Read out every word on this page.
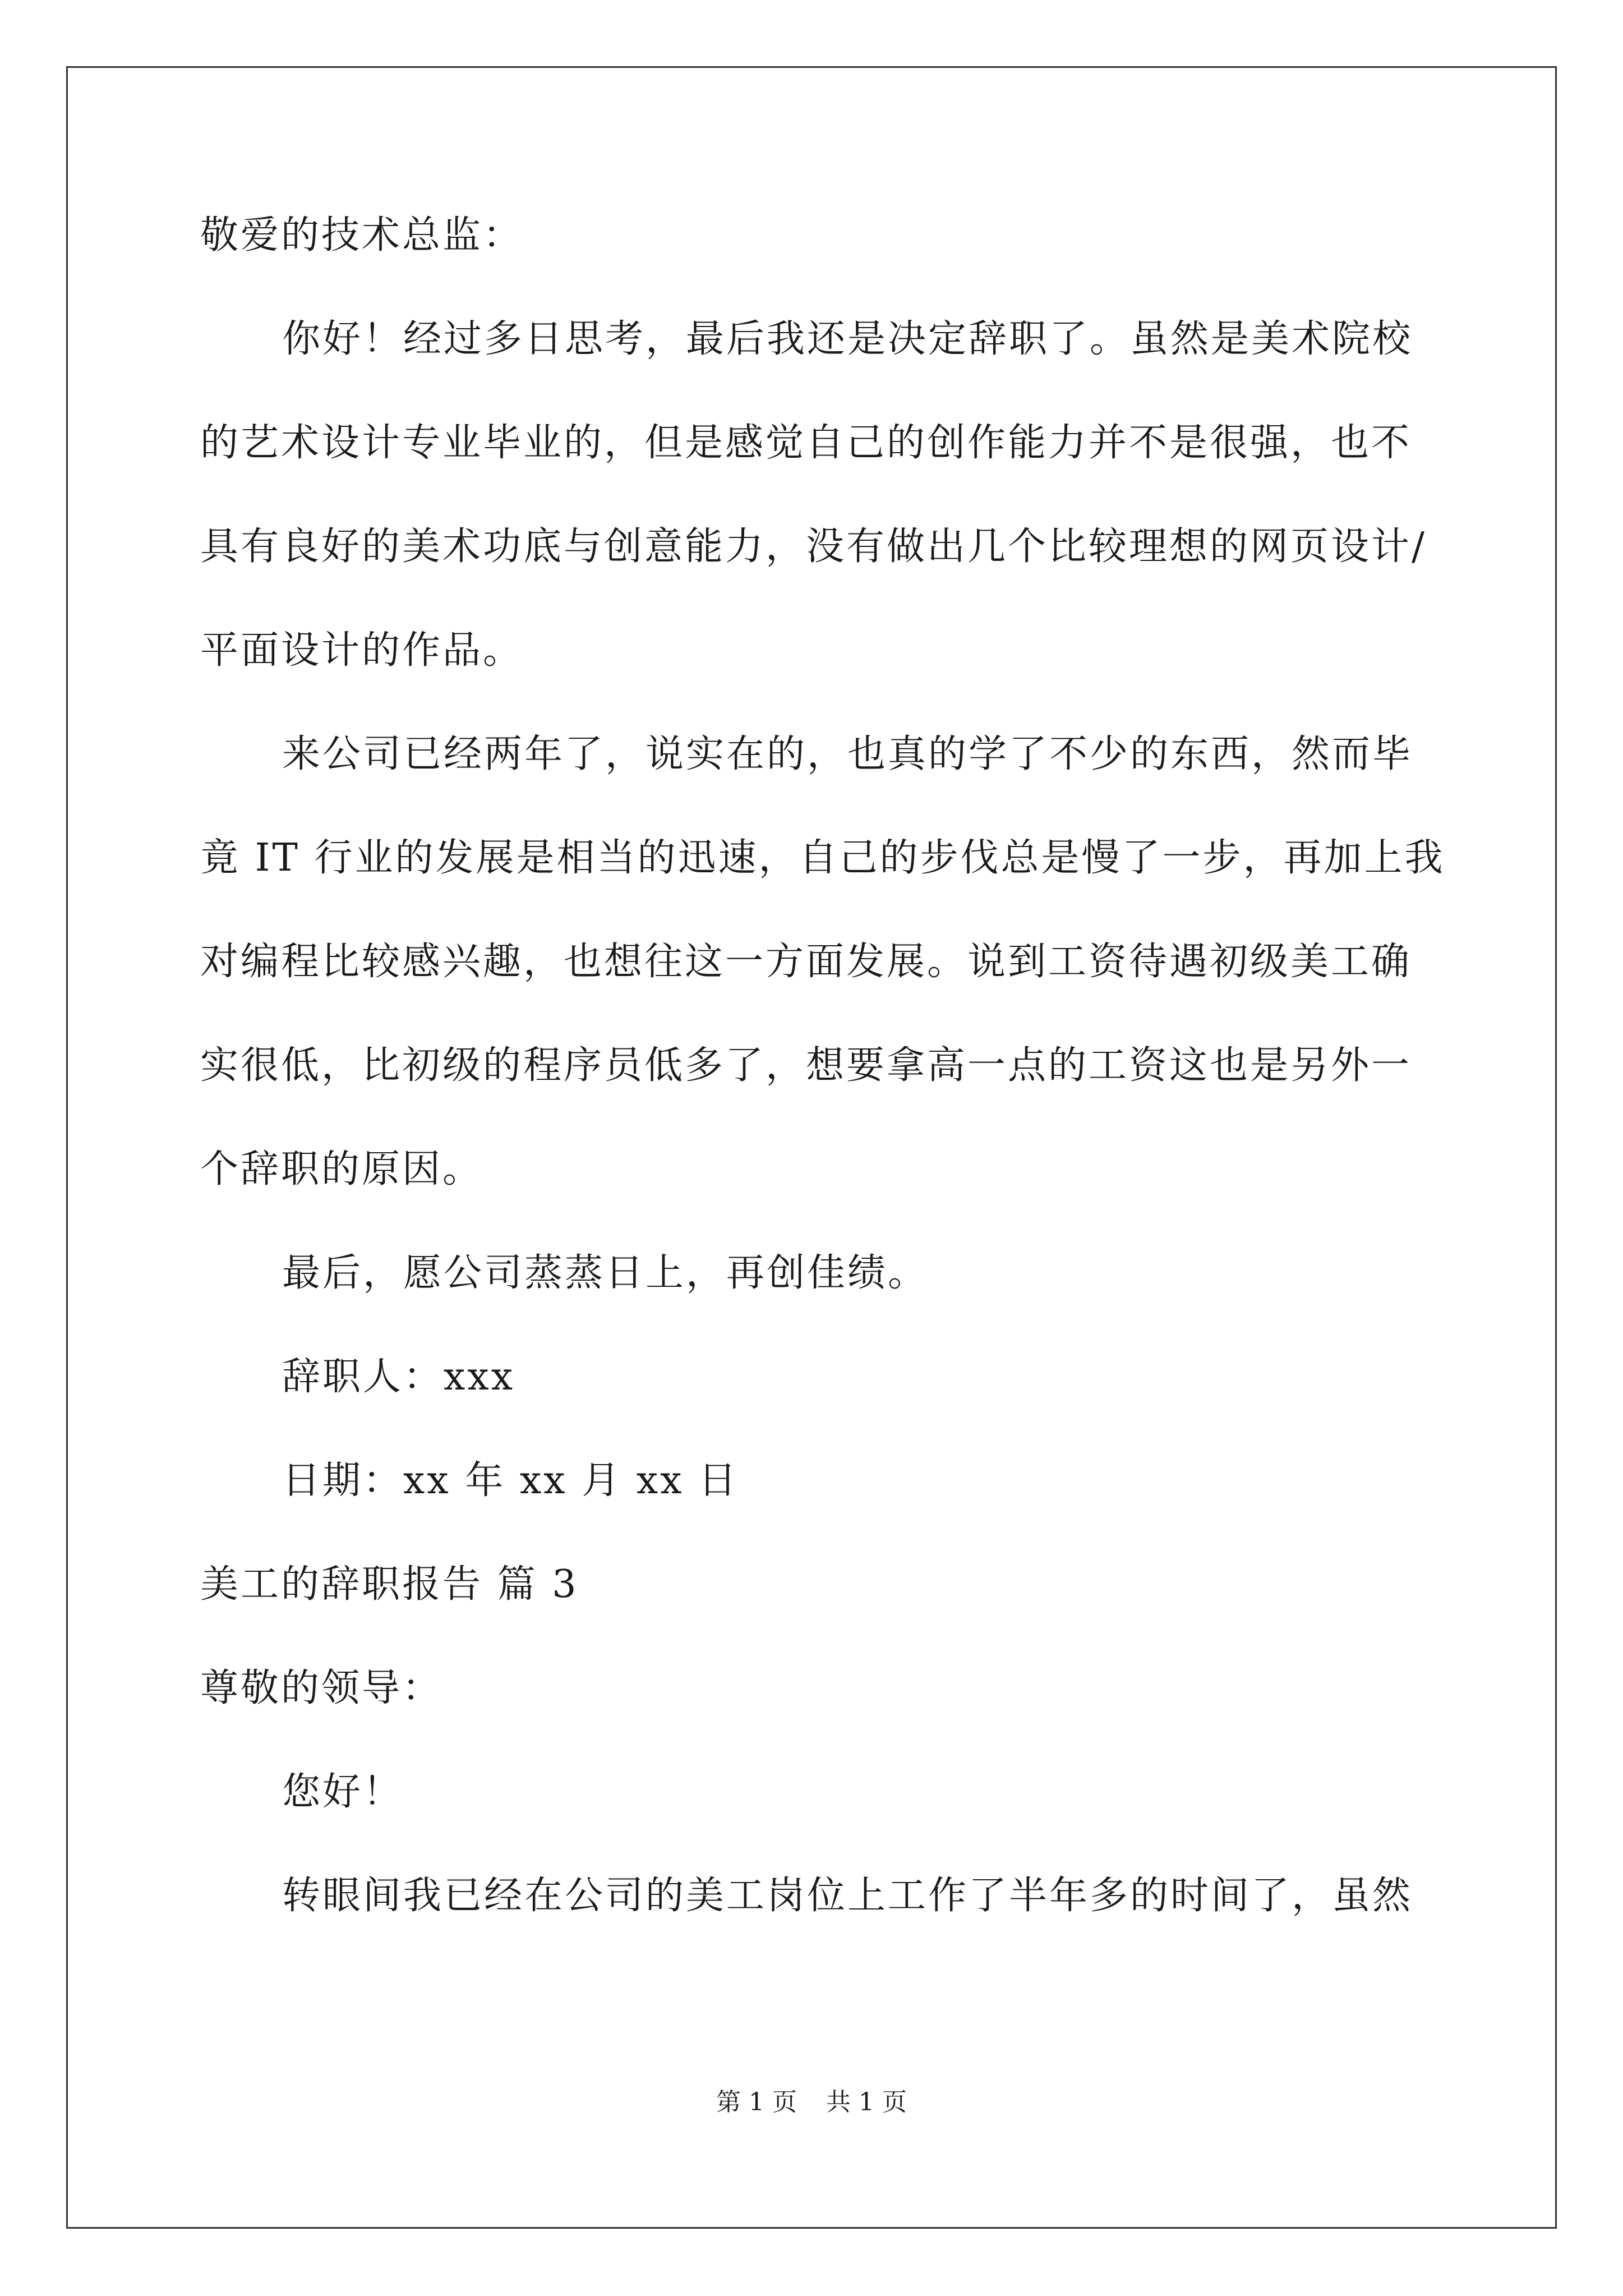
敬爱的技术总监：
你好！经过多日思考，最后我还是决定辞职了。虽然是美术院校
的艺术设计专业毕业的，但是感觉自己的创作能力并不是很强，也不
具有良好的美术功底与创意能力，没有做出几个比较理想的网页设计/
平面设计的作品。
来公司已经两年了，说实在的，也真的学了不少的东西，然而毕
竟 IT 行业的发展是相当的迅速，自己的步伐总是慢了一步，再加上我
对编程比较感兴趣，也想往这一方面发展。说到工资待遇初级美工确
实很低，比初级的程序员低多了，想要拿高一点的工资这也是另外一
个辞职的原因。
最后，愿公司蒸蒸日上，再创佳绩。
辞职人：xxx
日期：xx 年 xx 月 xx 日
美工的辞职报告 篇 3
尊敬的领导：
您好！
转眼间我已经在公司的美工岗位上工作了半年多的时间了，虽然
第 1 页 共 1 页
